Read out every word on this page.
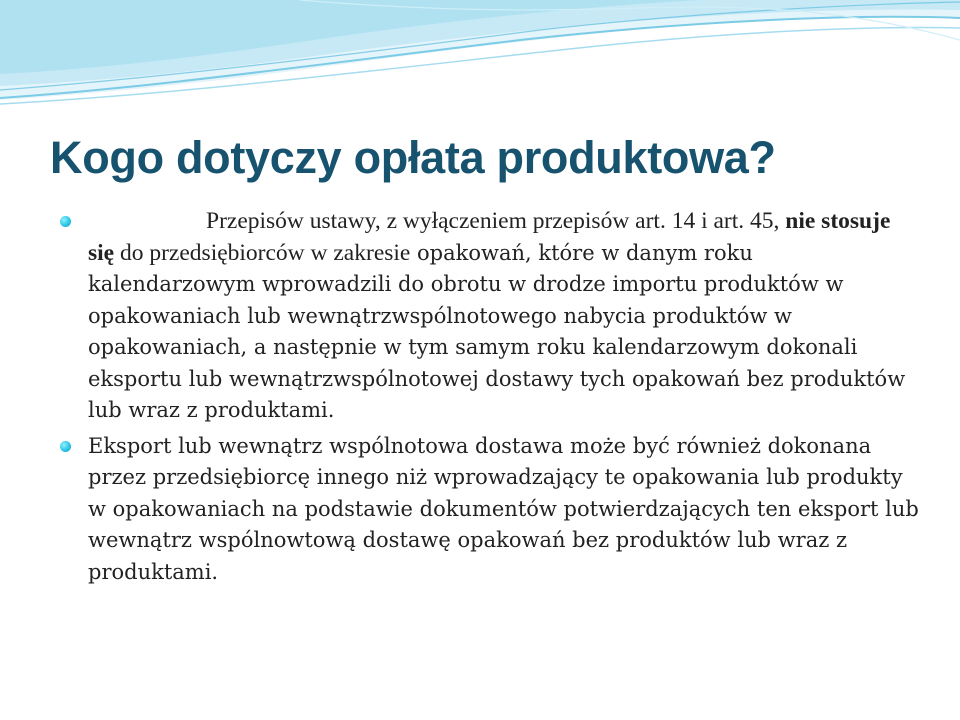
Kogo dotyczy opłata produktowa?
Przepisów ustawy, z wyłączeniem przepisów art. 14 i art. 45, nie stosuje się do przedsiębiorców w zakresie opakowań, które w danym roku kalendarzowym wprowadzili do obrotu w drodze importu produktów w opakowaniach lub wewnątrzwspólnotowego nabycia produktów w opakowaniach, a następnie w tym samym roku kalendarzowym dokonali eksportu lub wewnątrzwspólnotowej dostawy tych opakowań bez produktów lub wraz z produktami.
Eksport lub wewnątrz wspólnotowa dostawa może być również dokonana przez przedsiębiorcę innego niż wprowadzający te opakowania lub produkty w opakowaniach na podstawie dokumentów potwierdzających ten eksport lub wewnątrz wspólnowtową dostawę opakowań bez produktów lub wraz z produktami.
